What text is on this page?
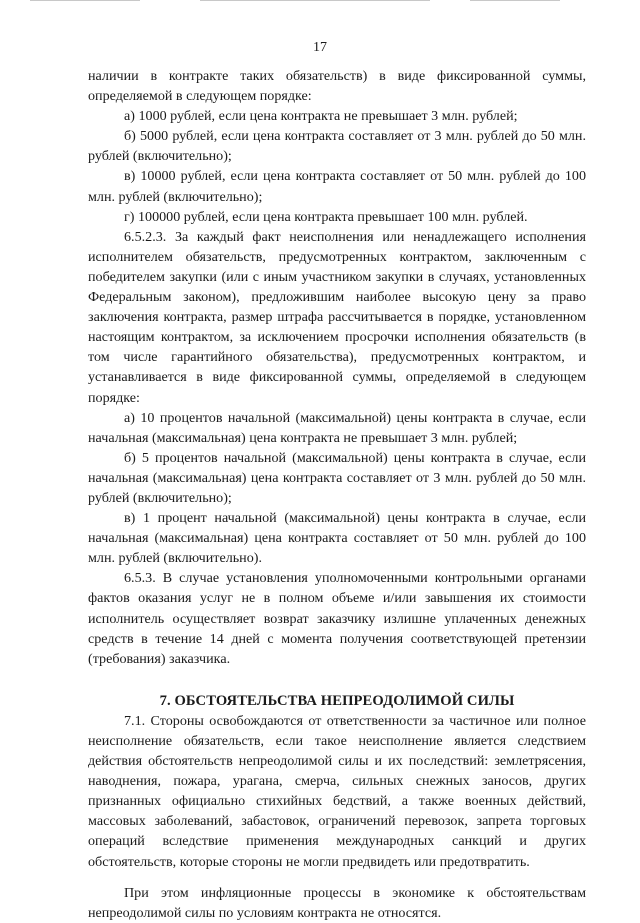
17

наличии в контракте таких обязательств) в виде фиксированной суммы, определяемой в следующем порядке:

а) 1000 рублей, если цена контракта не превышает 3 млн. рублей;

б) 5000 рублей, если цена контракта составляет от 3 млн. рублей до 50 млн. рублей (включительно);

в) 10000 рублей, если цена контракта составляет от 50 млн. рублей до 100 млн. рублей (включительно);

г) 100000 рублей, если цена контракта превышает 100 млн. рублей.

6.5.2.3. За каждый факт неисполнения или ненадлежащего исполнения исполнителем обязательств, предусмотренных контрактом, заключенным с победителем закупки (или с иным участником закупки в случаях, установленных Федеральным законом), предложившим наиболее высокую цену за право заключения контракта, размер штрафа рассчитывается в порядке, установленном настоящим контрактом, за исключением просрочки исполнения обязательств (в том числе гарантийного обязательства), предусмотренных контрактом, и устанавливается в виде фиксированной суммы, определяемой в следующем порядке:

а) 10 процентов начальной (максимальной) цены контракта в случае, если начальная (максимальная) цена контракта не превышает 3 млн. рублей;

б) 5 процентов начальной (максимальной) цены контракта в случае, если начальная (максимальная) цена контракта составляет от 3 млн. рублей до 50 млн. рублей (включительно);

в) 1 процент начальной (максимальной) цены контракта в случае, если начальная (максимальная) цена контракта составляет от 50 млн. рублей до 100 млн. рублей (включительно).

6.5.3. В случае установления уполномоченными контрольными органами фактов оказания услуг не в полном объеме и/или завышения их стоимости исполнитель осуществляет возврат заказчику излишне уплаченных денежных средств в течение 14 дней с момента получения соответствующей претензии (требования) заказчика.

7. ОБСТОЯТЕЛЬСТВА НЕПРЕОДОЛИМОЙ СИЛЫ

7.1. Стороны освобождаются от ответственности за частичное или полное неисполнение обязательств, если такое неисполнение является следствием действия обстоятельств непреодолимой силы и их последствий: землетрясения, наводнения, пожара, урагана, смерча, сильных снежных заносов, других признанных официально стихийных бедствий, а также военных действий, массовых заболеваний, забастовок, ограничений перевозок, запрета торговых операций вследствие применения международных санкций и других обстоятельств, которые стороны не могли предвидеть или предотвратить.

При этом инфляционные процессы в экономике к обстоятельствам непреодолимой силы по условиям контракта не относятся.
